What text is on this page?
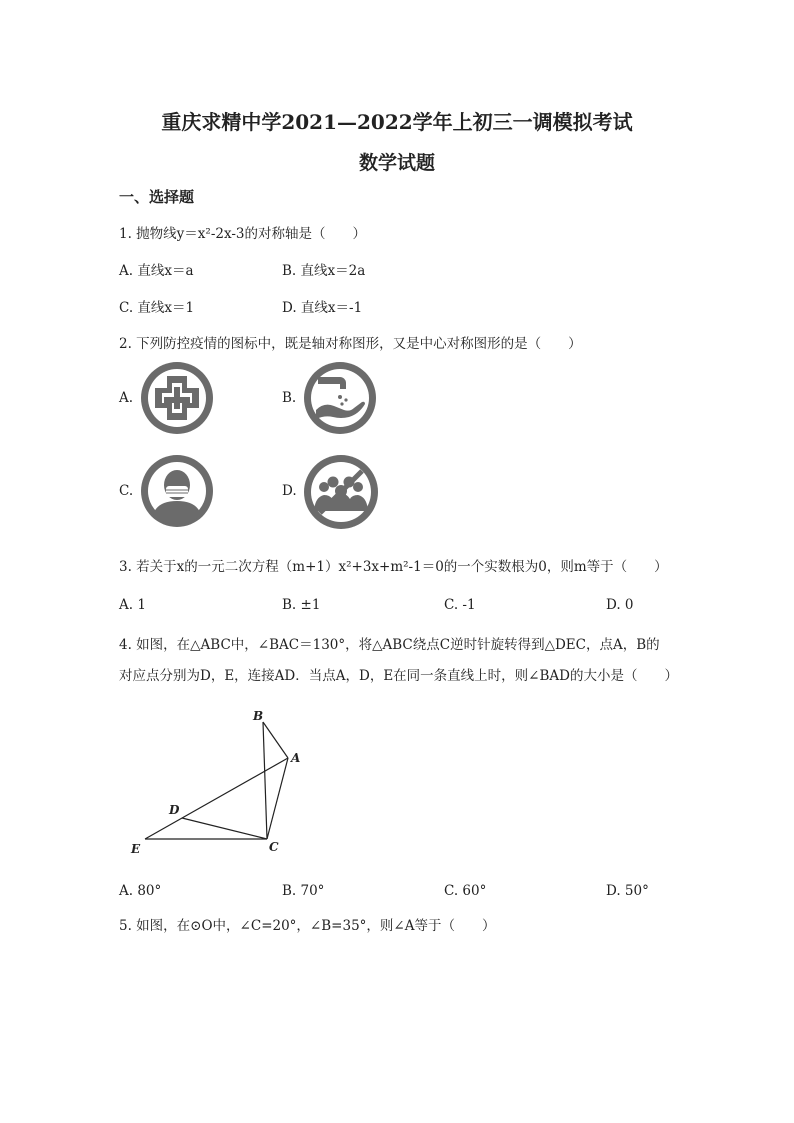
重庆求精中学2021—2022学年上初三一调模拟考试
数学试题
一、选择题
1. 抛物线y＝x²-2x-3的对称轴是（　　）
A. 直线x＝a	B. 直线x＝2a
C. 直线x＝1	D. 直线x＝-1
2. 下列防控疫情的图标中，既是轴对称图形，又是中心对称图形的是（　　）
A.	B.
C.	D.
3. 若关于x的一元二次方程（m+1）x²+3x+m²-1＝0的一个实数根为0，则m等于（　　）
A. 1	B. ±1	C. -1	D. 0
4. 如图，在△ABC中，∠BAC＝130°，将△ABC绕点C逆时针旋转得到△DEC，点A，B的
对应点分别为D，E，连接AD．当点A，D，E在同一条直线上时，则∠BAD的大小是（　　）
B
A
D
E	C
A. 80°	B. 70°	C. 60°	D. 50°
5. 如图，在⊙O中，∠C=20°，∠B=35°，则∠A等于（　　）
